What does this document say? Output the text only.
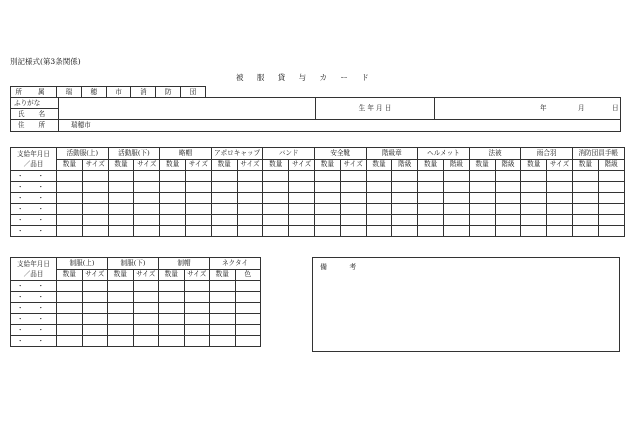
別記様式(第3条関係)
被 服 貸 与 カ ー ド
所 属	瑞	穂	市	消	防	団
ふりがな		生 年 月 日	年 月 日

氏 名			
住 所	瑞穂市		
支給年月日
／品目	活動服(上)		活動服(下)		略帽		アポロキャップ		バンド		安全靴		階級章		ヘルメット		法被		雨合羽		消防団員手帳	
	数量	サイズ	数量	サイズ	数量	サイズ	数量	サイズ	数量	サイズ	数量	サイズ	数量	階級	数量	階級	数量	階級	数量	サイズ	数量	階級
・ ・																						
・ ・																						
・ ・																						
・ ・																						
・ ・																						
・ ・																						
支給年月日
／品目	制服(上)		制服(下)		制帽		ネクタイ	
	数量	サイズ	数量	サイズ	数量	サイズ	数量	色
・ ・								
・ ・								
・ ・								
・ ・								
・ ・								
・ ・								
備 考
